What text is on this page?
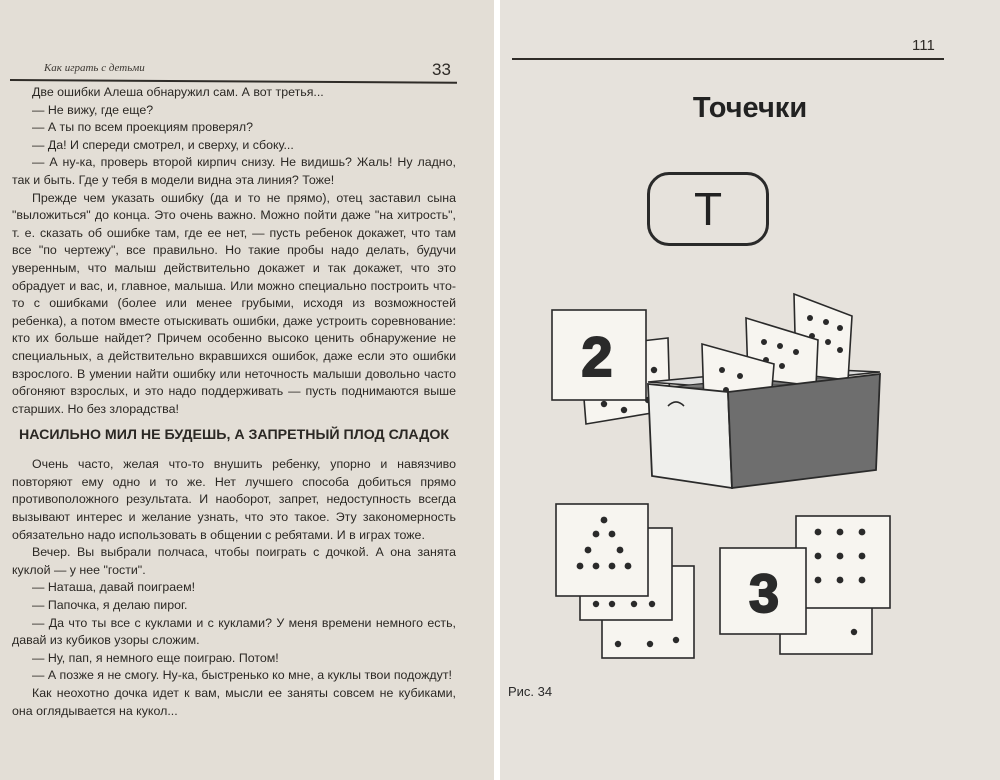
Как играть с детьми	33

Две ошибки Алеша обнаружил сам. А вот третья...

— Не вижу, где еще?

— А ты по всем проекциям проверял?

— Да! И спереди смотрел, и сверху, и сбоку...

— А ну-ка, проверь второй кирпич снизу. Не видишь? Жаль! Ну ладно, так и быть. Где у тебя в модели видна эта линия? Тоже!

Прежде чем указать ошибку (да и то не прямо), отец заставил сына "выложиться" до конца. Это очень важно. Можно пойти даже "на хитрость", т. е. сказать об ошибке там, где ее нет, — пусть ребенок докажет, что там все "по чертежу", все правильно. Но такие пробы надо делать, будучи уверенным, что малыш действительно докажет и так докажет, что это обрадует и вас, и, главное, малыша. Или можно специально построить что-то с ошибками (более или менее грубыми, исходя из возможностей ребенка), а потом вместе отыскивать ошибки, даже устроить соревнование: кто их больше найдет? Причем особенно высоко ценить обнаружение не специальных, а действительно вкравшихся ошибок, даже если это ошибки взрослого. В умении найти ошибку или неточность малыши довольно часто обгоняют взрослых, и это надо поддерживать — пусть поднимаются выше старших. Но без злорадства!

НАСИЛЬНО МИЛ НЕ БУДЕШЬ, А ЗАПРЕТНЫЙ ПЛОД СЛАДОК

Очень часто, желая что-то внушить ребенку, упорно и навязчиво повторяют ему одно и то же. Нет лучшего способа добиться прямо противоположного результата. И наоборот, запрет, недоступность всегда вызывают интерес и желание узнать, что это такое. Эту закономерность обязательно надо использовать в общении с ребятами. И в играх тоже.

Вечер. Вы выбрали полчаса, чтобы поиграть с дочкой. А она занята куклой — у нее "гости".

— Наташа, давай поиграем!

— Папочка, я делаю пирог.

— Да что ты все с куклами и с куклами? У меня времени немного есть, давай из кубиков узоры сложим.

— Ну, пап, я немного еще поиграю. Потом!

— А позже я не смогу. Ну-ка, быстренько ко мне, а куклы твои подождут!

Как неохотно дочка идет к вам, мысли ее заняты совсем не кубиками, она оглядывается на кукол...

111
Точечки
Т
2
3
Рис. 34
